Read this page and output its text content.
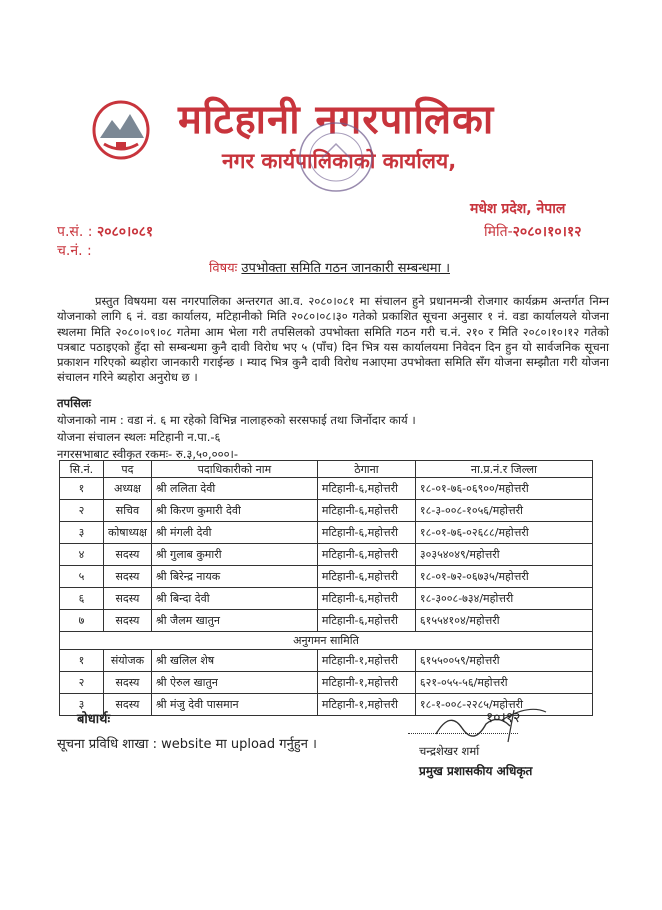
मटिहानी नगरपालिका
नगर कार्यपालिकाको कार्यालय,
मधेश प्रदेश, नेपाल
प.सं. : २०८०।०८१
च.नं. :
मिति-२०८०।१०।१२
विषयः उपभोक्ता समिति गठन जानकारी सम्बन्धमा ।

प्रस्तुत विषयमा यस नगरपालिका अन्तरगत आ.व. २०८०।०८१ मा संचालन हुने प्रधानमन्त्री रोजगार कार्यक्रम अन्तर्गत निम्न योजनाको लागि ६ नं. वडा कार्यालय, मटिहानीको मिति २०८०।०८।३० गतेको प्रकाशित सूचना अनुसार १ नं. वडा कार्यालयले योजना स्थलमा मिति २०८०।०९।०८ गतेमा आम भेला गरी तपसिलको उपभोक्ता समिति गठन गरी च.नं. २१० र मिति २०८०।१०।१२ गतेको पत्रबाट पठाइएको हुँदा सो सम्बन्धमा कुनै दावी विरोध भए ५ (पाँच) दिन भित्र यस कार्यालयमा निवेदन दिन हुन यो सार्वजनिक सूचना प्रकाशन गरिएको ब्यहोरा जानकारी गराईन्छ । म्याद भित्र कुनै दावी विरोध नआएमा उपभोक्ता समिति सँग योजना सम्झौता गरी योजना संचालन गरिने ब्यहोरा अनुरोध छ ।

तपसिलः
योजनाको नाम : वडा नं. ६ मा रहेको विभिन्न नालाहरुको सरसफाई तथा जिर्नोदार कार्य ।
योजना संचालन स्थलः मटिहानी न.पा.-६
नगरसभाबाट स्वीकृत रकमः- रु.३,५०,०००।-
सि.नं.	पद	पदाधिकारीको नाम	ठेगाना	ना.प्र.नं.र जिल्ला
१	अध्यक्ष	श्री ललिता देवी	मटिहानी-६,महोत्तरी	१८-०१-७६-०६९००/महोत्तरी
२	सचिव	श्री किरण कुमारी देवी	मटिहानी-६,महोत्तरी	१८-३-००८-१०५६/महोत्तरी
३	कोषाध्यक्ष	श्री मंगली देवी	मटिहानी-६,महोत्तरी	१८-०१-७६-०२६८८/महोत्तरी
४	सदस्य	श्री गुलाब कुमारी	मटिहानी-६,महोत्तरी	३०३५४०४९/महोत्तरी
५	सदस्य	श्री बिरेन्द्र नायक	मटिहानी-६,महोत्तरी	१८-०१-७२-०६७३५/महोत्तरी
६	सदस्य	श्री बिन्दा देवी	मटिहानी-६,महोत्तरी	१८-३००८-७३४/महोत्तरी
७	सदस्य	श्री जैलम खातुन	मटिहानी-६,महोत्तरी	६१५५४१०४/महोत्तरी
अनुगमन सामिति				
१	संयोजक	श्री खलिल शेष	मटिहानी-१,महोत्तरी	६१५५००५९/महोत्तरी
२	सदस्य	श्री ऐरुल खातुन	मटिहानी-१,महोत्तरी	६२१-०५५-५६/महोत्तरी
३	सदस्य	श्री मंजु देवी पासमान	मटिहानी-१,महोत्तरी	१८-१-००८-२२८५/महोत्तरी
बोधार्थः
सूचना प्रविधि शाखा : website मा upload गर्नुहुन ।
१०।१२
चन्द्रशेखर शर्मा
प्रमुख प्रशासकीय अधिकृत
